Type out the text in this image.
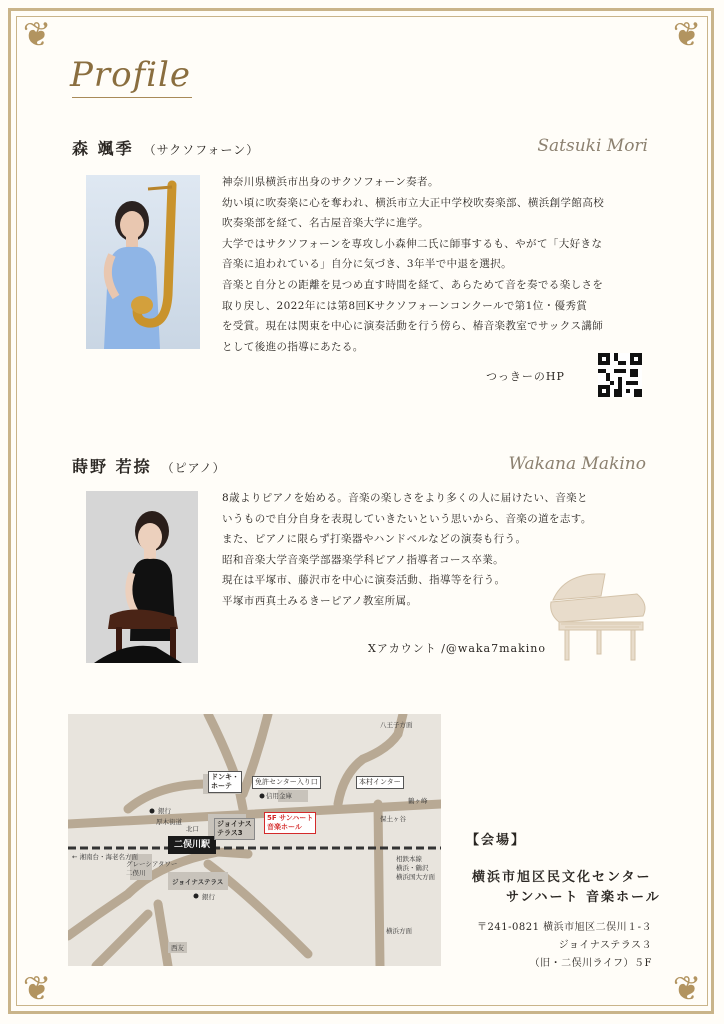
❦	❦
❦	❦
Profile
森 颯季 （サクソフォーン）	Satsuki Mori
神奈川県横浜市出身のサクソフォーン奏者。
幼い頃に吹奏楽に心を奪われ、横浜市立大正中学校吹奏楽部、横浜創学館高校
吹奏楽部を経て、名古屋音楽大学に進学。
大学ではサクソフォーンを専攻し小森伸二氏に師事するも、やがて「大好きな
音楽に追われている」自分に気づき、3年半で中退を選択。
音楽と自分との距離を見つめ直す時間を経て、あらためて音を奏でる楽しさを
取り戻し、2022年には第8回Kサクソフォーンコンクールで第1位・優秀賞
を受賞。現在は関東を中心に演奏活動を行う傍ら、椿音楽教室でサックス講師
として後進の指導にあたる。
つっきーのHP
蒔野 若捺 （ピアノ）	Wakana Makino
8歳よりピアノを始める。音楽の楽しさをより多くの人に届けたい、音楽と
いうもので自分自身を表現していきたいという思いから、音楽の道を志す。
また、ピアノに限らず打楽器やハンドベルなどの演奏も行う。
昭和音楽大学音楽学部器楽学科ピアノ指導者コース卒業。
現在は平塚市、藤沢市を中心に演奏活動、指導等を行う。
平塚市西真土みるきーピアノ教室所属。
Xアカウント /@waka7makino
ドンキ・
ホーテ	免許センター入り口
信用金庫
本村インター
銀行
厚木街道
北口
二俣川駅
ジョイナス
テラス3
5F サンハート
音楽ホール
ジョイナステラス
グレーシアタワー
二俣川
銀行
西友
← 湘南台・海老名方面	相鉄本線
横浜・鶴沢
横浜国大方面
八王子方面
横浜方面
保土ヶ谷
鶴ヶ峰
【会場】
横浜市旭区民文化センター
サンハート 音楽ホール
〒241-0821 横浜市旭区二俣川１-３
ジョイナステラス３
（旧・二俣川ライフ）５F
